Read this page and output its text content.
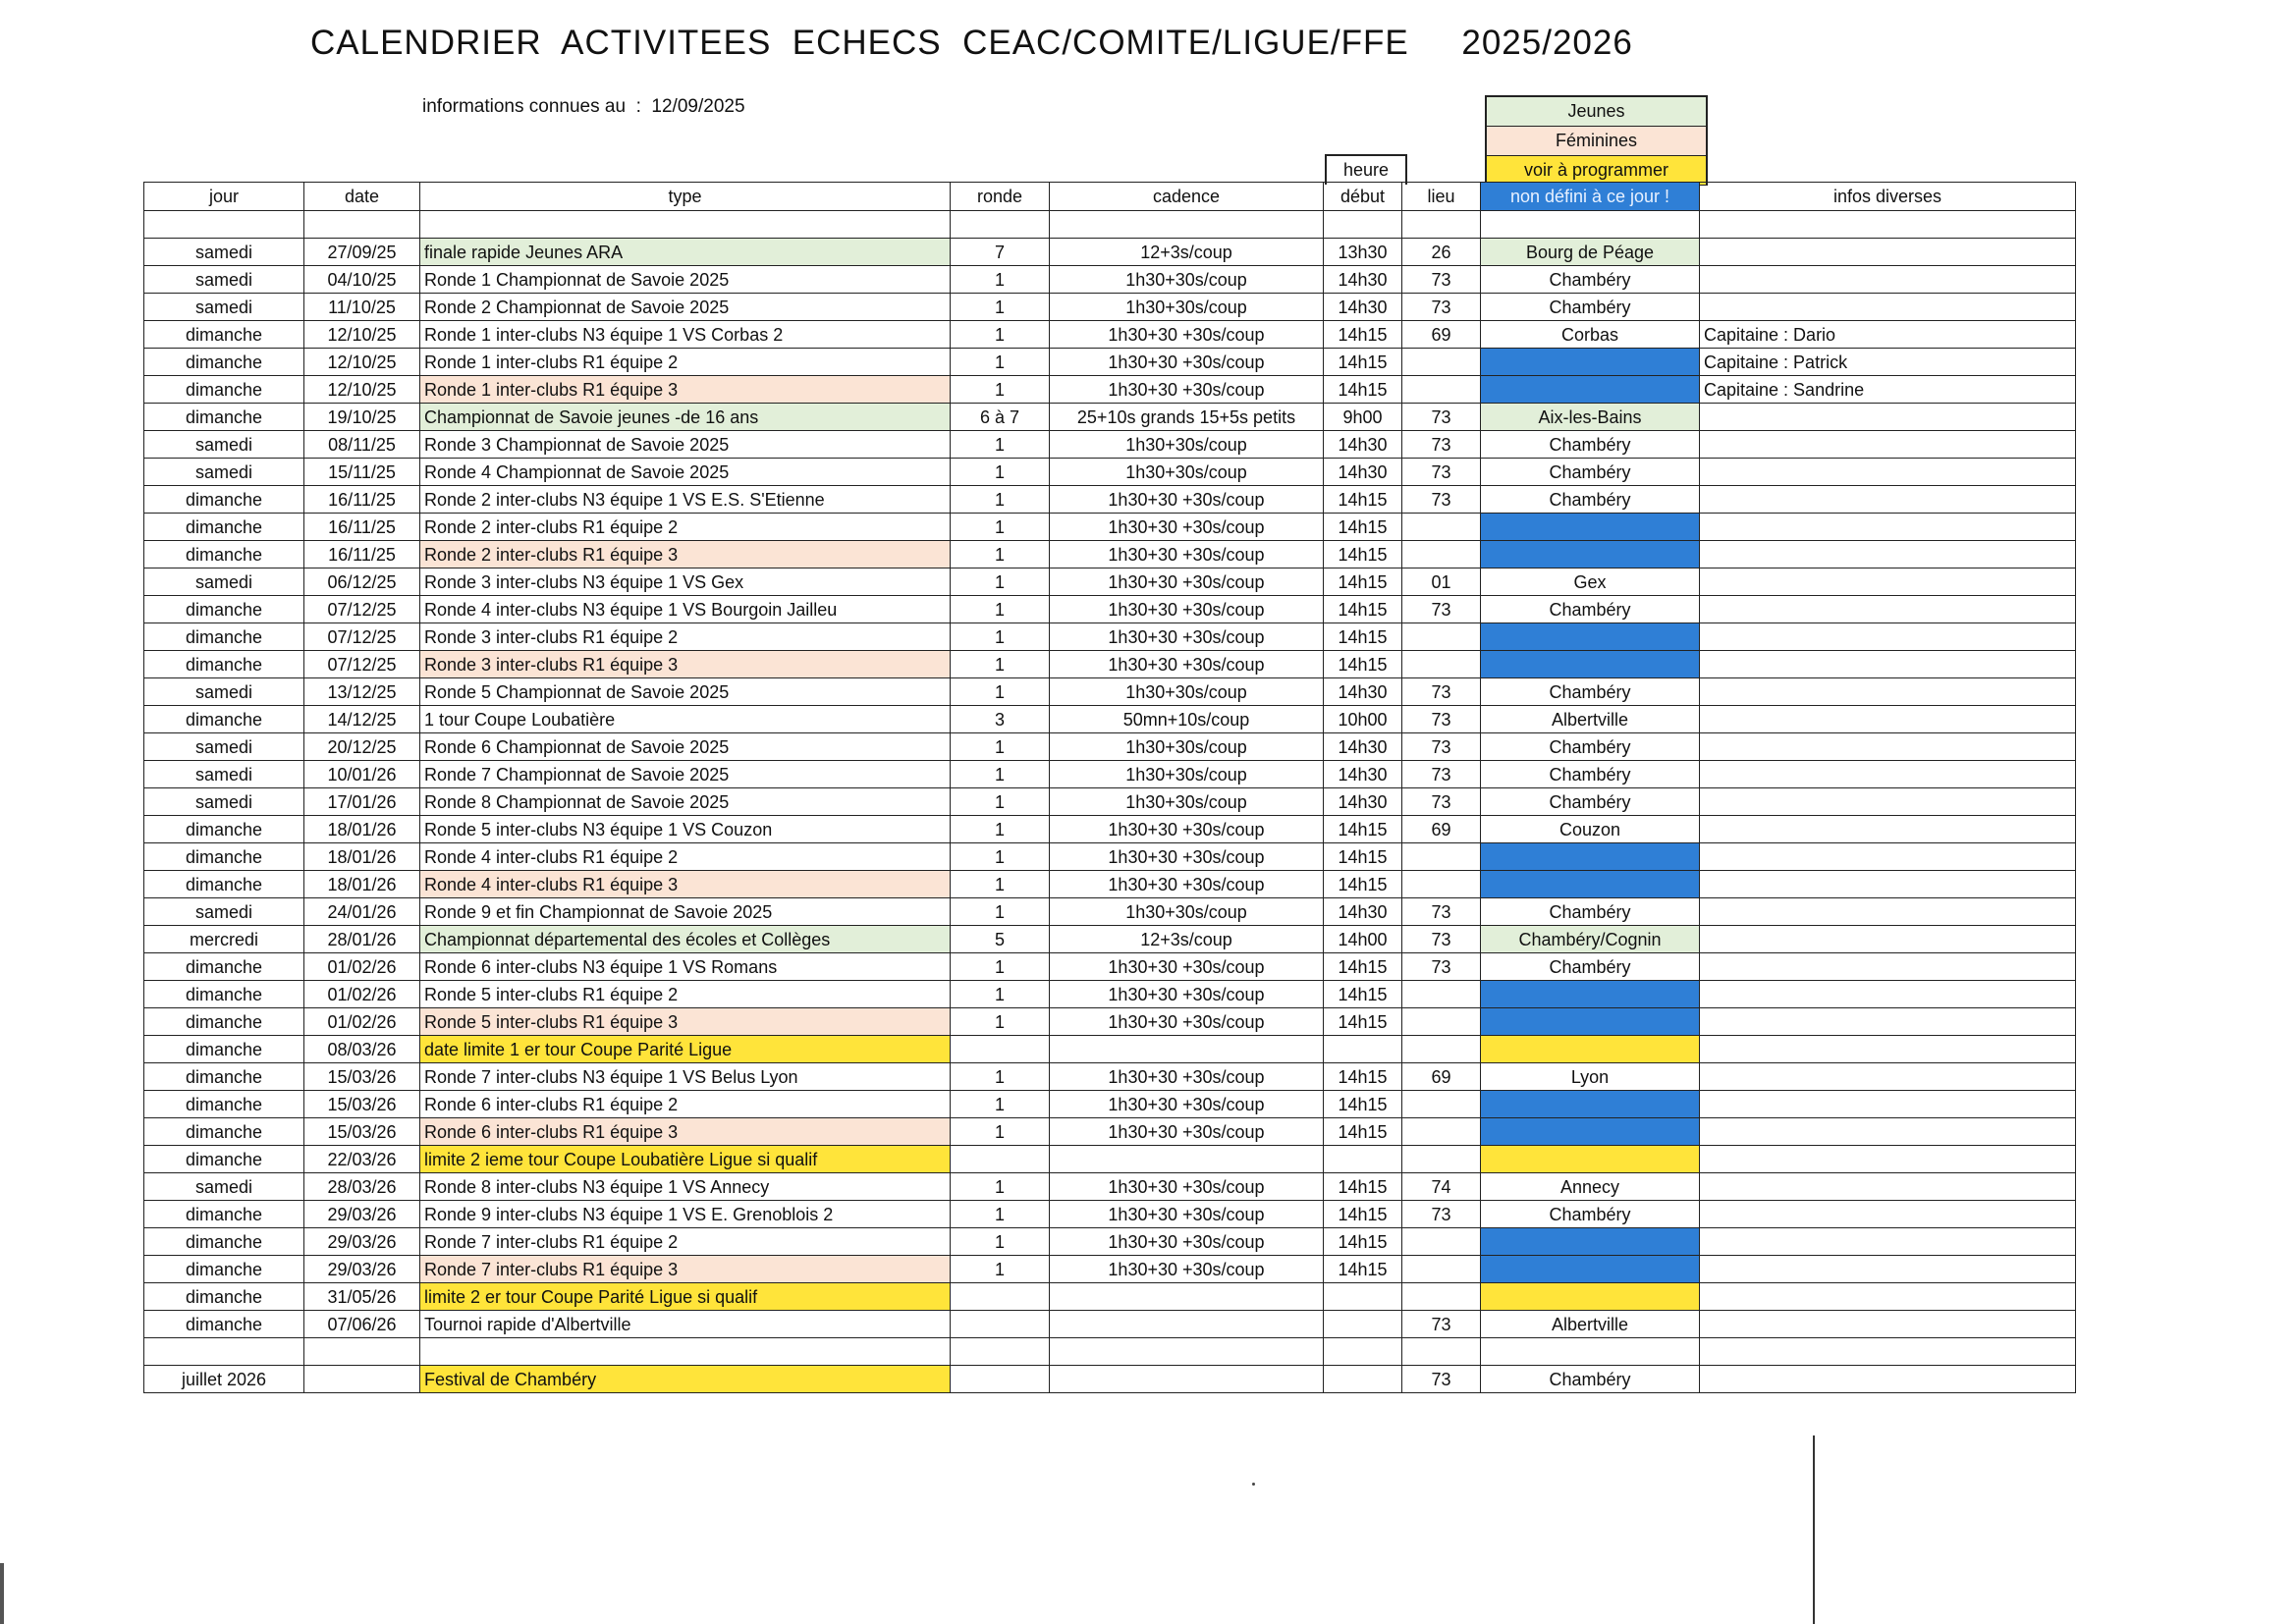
CALENDRIER  ACTIVITEES  ECHECS  CEAC/COMITE/LIGUE/FFE     2025/2026
informations connues au  : 12/09/2025	Jeunes
Féminines
voir à programmer
heure
jour	date	type	ronde	cadence	début	lieu	non défini à ce jour !	infos diverses

samedi	27/09/25	finale rapide Jeunes ARA	7	12+3s/coup	13h30	26	Bourg de Péage	
samedi	04/10/25	Ronde 1 Championnat de Savoie 2025	1	1h30+30s/coup	14h30	73	Chambéry	
samedi	11/10/25	Ronde 2 Championnat de Savoie 2025	1	1h30+30s/coup	14h30	73	Chambéry	
dimanche	12/10/25	Ronde 1 inter-clubs N3 équipe 1 VS Corbas 2	1	1h30+30 +30s/coup	14h15	69	Corbas	Capitaine : Dario
dimanche	12/10/25	Ronde 1 inter-clubs R1 équipe 2	1	1h30+30 +30s/coup	14h15			Capitaine : Patrick
dimanche	12/10/25	Ronde 1 inter-clubs R1 équipe 3	1	1h30+30 +30s/coup	14h15			Capitaine : Sandrine
dimanche	19/10/25	Championnat de Savoie jeunes -de 16 ans	6 à 7	25+10s grands 15+5s petits	9h00	73	Aix-les-Bains	
samedi	08/11/25	Ronde 3 Championnat de Savoie 2025	1	1h30+30s/coup	14h30	73	Chambéry	
samedi	15/11/25	Ronde 4 Championnat de Savoie 2025	1	1h30+30s/coup	14h30	73	Chambéry	
dimanche	16/11/25	Ronde 2 inter-clubs N3 équipe 1 VS E.S. S'Etienne	1	1h30+30 +30s/coup	14h15	73	Chambéry	
dimanche	16/11/25	Ronde 2 inter-clubs R1 équipe 2	1	1h30+30 +30s/coup	14h15			
dimanche	16/11/25	Ronde 2 inter-clubs R1 équipe 3	1	1h30+30 +30s/coup	14h15			
samedi	06/12/25	Ronde 3 inter-clubs N3 équipe 1 VS Gex	1	1h30+30 +30s/coup	14h15	01	Gex	
dimanche	07/12/25	Ronde 4 inter-clubs N3 équipe 1 VS Bourgoin Jailleu	1	1h30+30 +30s/coup	14h15	73	Chambéry	
dimanche	07/12/25	Ronde 3 inter-clubs R1 équipe 2	1	1h30+30 +30s/coup	14h15			
dimanche	07/12/25	Ronde 3 inter-clubs R1 équipe 3	1	1h30+30 +30s/coup	14h15			
samedi	13/12/25	Ronde 5 Championnat de Savoie 2025	1	1h30+30s/coup	14h30	73	Chambéry	
dimanche	14/12/25	1 tour Coupe Loubatière	3	50mn+10s/coup	10h00	73	Albertville	
samedi	20/12/25	Ronde 6 Championnat de Savoie 2025	1	1h30+30s/coup	14h30	73	Chambéry	
samedi	10/01/26	Ronde 7 Championnat de Savoie 2025	1	1h30+30s/coup	14h30	73	Chambéry	
samedi	17/01/26	Ronde 8 Championnat de Savoie 2025	1	1h30+30s/coup	14h30	73	Chambéry	
dimanche	18/01/26	Ronde 5 inter-clubs N3 équipe 1 VS Couzon	1	1h30+30 +30s/coup	14h15	69	Couzon	
dimanche	18/01/26	Ronde 4 inter-clubs R1 équipe 2	1	1h30+30 +30s/coup	14h15			
dimanche	18/01/26	Ronde 4 inter-clubs R1 équipe 3	1	1h30+30 +30s/coup	14h15			
samedi	24/01/26	Ronde 9 et fin Championnat de Savoie 2025	1	1h30+30s/coup	14h30	73	Chambéry	
mercredi	28/01/26	Championnat départemental des écoles et Collèges	5	12+3s/coup	14h00	73	Chambéry/Cognin	
dimanche	01/02/26	Ronde 6 inter-clubs N3 équipe 1 VS Romans	1	1h30+30 +30s/coup	14h15	73	Chambéry	
dimanche	01/02/26	Ronde 5 inter-clubs R1 équipe 2	1	1h30+30 +30s/coup	14h15			
dimanche	01/02/26	Ronde 5 inter-clubs R1 équipe 3	1	1h30+30 +30s/coup	14h15			
dimanche	08/03/26	date limite 1 er tour Coupe Parité Ligue						
dimanche	15/03/26	Ronde 7 inter-clubs N3 équipe 1 VS Belus Lyon	1	1h30+30 +30s/coup	14h15	69	Lyon	
dimanche	15/03/26	Ronde 6 inter-clubs R1 équipe 2	1	1h30+30 +30s/coup	14h15			
dimanche	15/03/26	Ronde 6 inter-clubs R1 équipe 3	1	1h30+30 +30s/coup	14h15			
dimanche	22/03/26	limite 2 ieme tour Coupe Loubatière Ligue si qualif						
samedi	28/03/26	Ronde 8 inter-clubs N3 équipe 1 VS Annecy	1	1h30+30 +30s/coup	14h15	74	Annecy	
dimanche	29/03/26	Ronde 9 inter-clubs N3 équipe 1 VS E. Grenoblois 2	1	1h30+30 +30s/coup	14h15	73	Chambéry	
dimanche	29/03/26	Ronde 7 inter-clubs R1 équipe 2	1	1h30+30 +30s/coup	14h15			
dimanche	29/03/26	Ronde 7 inter-clubs R1 équipe 3	1	1h30+30 +30s/coup	14h15			
dimanche	31/05/26	limite 2 er tour Coupe Parité Ligue si qualif						
dimanche	07/06/26	Tournoi rapide d'Albertville				73	Albertville	

juillet 2026		Festival de Chambéry				73	Chambéry	
